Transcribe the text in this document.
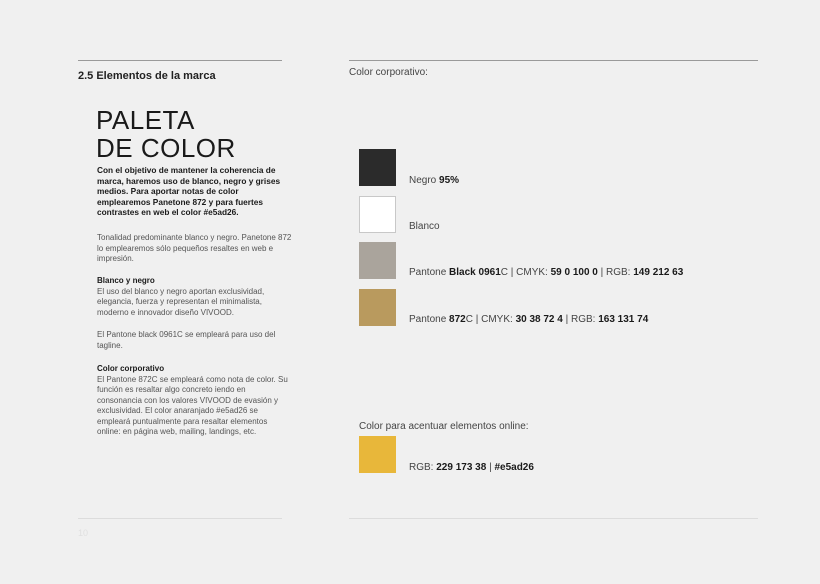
2.5 Elementos de la marca
PALETA
DE COLOR
Con el objetivo de mantener la coherencia de marca, haremos uso de blanco, negro y grises medios. Para aportar notas de color emplearemos Panetone 872 y para fuertes contrastes en web el color #e5ad26.
Tonalidad predominante blanco y negro. Panetone 872 lo emplearemos sólo pequeños resaltes en web e impresión.
Blanco y negro
El uso del blanco y negro aportan exclusividad, elegancia, fuerza y representan el minimalista, moderno e innovador diseño VIVOOD.
El Pantone black 0961C se empleará para uso del tagline.
Color corporativo
El Pantone 872C se empleará como nota de color. Su función es resaltar algo concreto iendo en consonancia con los valores VIVOOD de evasión y exclusividad. El color anaranjado #e5ad26 se empleará puntualmente para resaltar elementos online: en página web, mailing, landings, etc.
Color corporativo:
Negro 95%
Blanco
Pantone Black 0961C | CMYK: 59 0 100 0 | RGB: 149 212 63
Pantone 872C | CMYK: 30 38 72 4 | RGB: 163 131 74
Color para acentuar elementos online:
RGB: 229 173 38 | #e5ad26
10
